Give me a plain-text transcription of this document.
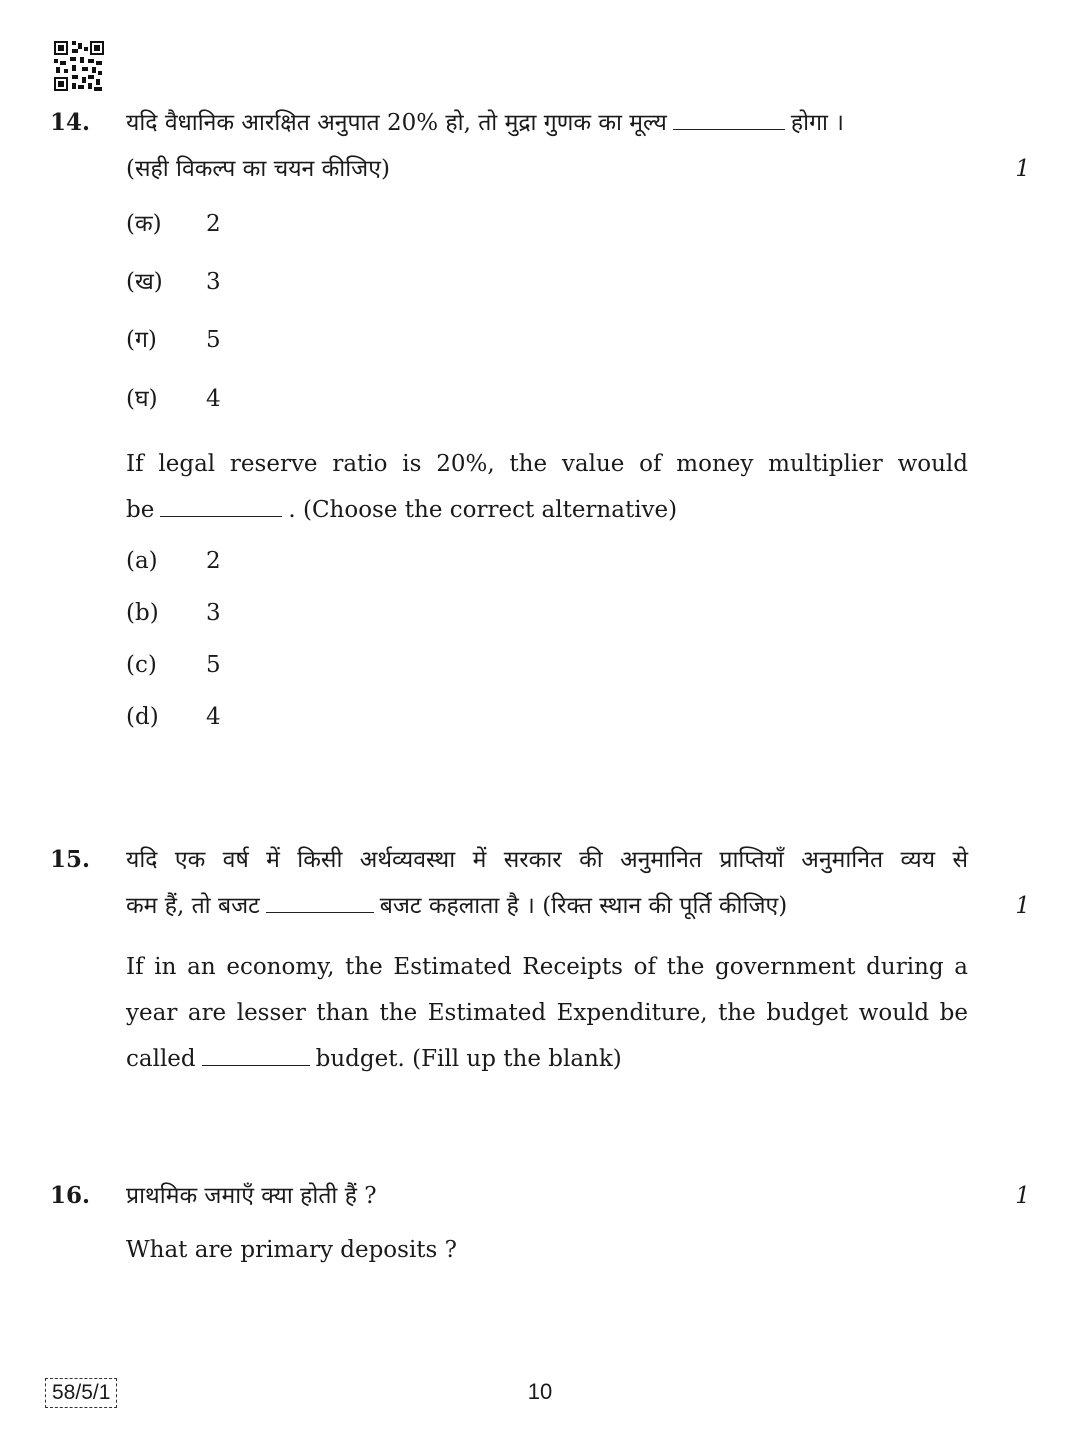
14. यदि वैधानिक आरक्षित अनुपात 20% हो, तो मुद्रा गुणक का मूल्य	होगा ।
(सही विकल्प का चयन कीजिए)	1
(क) 2
(ख) 3
(ग) 5
(घ) 4
If legal reserve ratio is 20%, the value of money multiplier would
be	. (Choose the correct alternative)
(a) 2
(b) 3
(c) 5
(d) 4
15. यदि एक वर्ष में किसी अर्थव्यवस्था में सरकार की अनुमानित प्राप्तियाँ अनुमानित व्यय से
कम हैं, तो बजट	बजट कहलाता है । (रिक्त स्थान की पूर्ति कीजिए)	1
If in an economy, the Estimated Receipts of the government during a
year are lesser than the Estimated Expenditure, the budget would be
called	budget. (Fill up the blank)
16. प्राथमिक जमाएँ क्या होती हैं ?	1
What are primary deposits ?
58/5/1	10
